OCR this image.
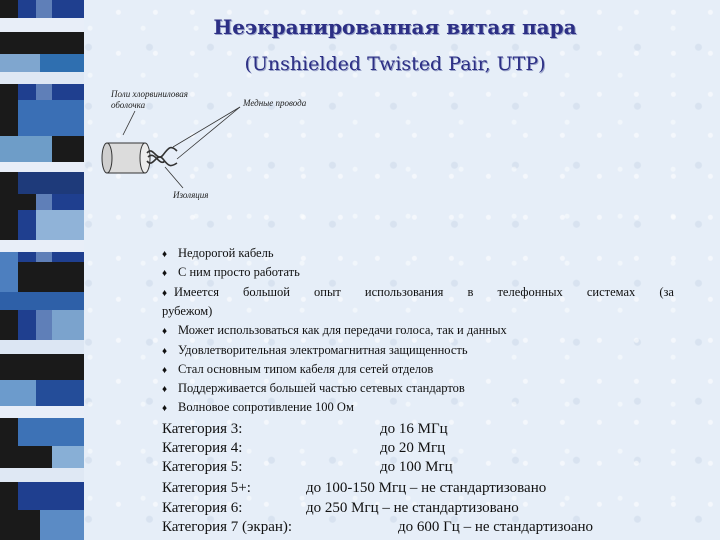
Неэкранированная витая пара
(Unshielded Twisted Pair, UTP)
Поли хлорвиниловая
оболочка	Медные провода
Изоляция
♦ Недорогой кабель
♦ С ним просто работать
♦ Имеется большой опыт использования в телефонных системах (за
рубежом)
♦ Может использоваться как для передачи голоса, так и данных
♦ Удовлетворительная электромагнитная защищенность
♦ Стал основным типом кабеля для сетей отделов
♦ Поддерживается большей частью сетевых стандартов
♦ Волновое сопротивление 100 Ом
Категория 3:	до 16 МГц
Категория 4:	до 20 Мгц
Категория 5:	до 100 Мгц
Категория 5+:	до 100-150 Мгц – не стандартизовано
Категория 6:	до 250 Мгц – не стандартизовано
Категория 7 (экран):	до 600 Гц – не стандартизоано
